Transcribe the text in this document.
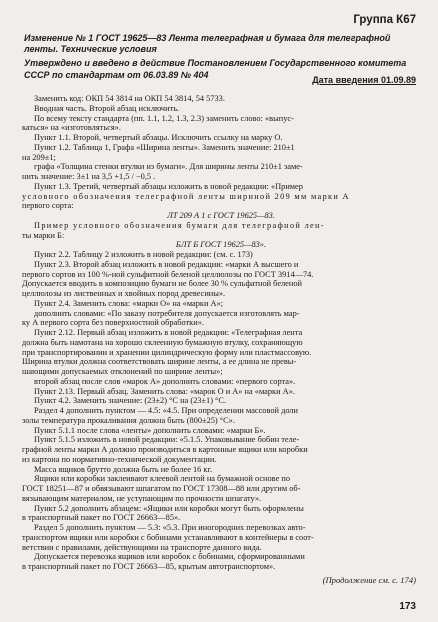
Группа К67
Изменение № 1 ГОСТ 19625—83 Лента телеграфная и бумага для телеграфной
ленты. Технические условия
Утверждено и введено в действие Постановлением Государственного комитета
СССР по стандартам от 06.03.89 № 404
Дата введения 01.09.89
Заменить код: ОКП 54 3814 на ОКП 54 3814, 54 5733.
Вводная часть. Второй абзац исключить.
По всему тексту стандарта (пп. 1.1, 1.2, 1.3, 2.3) заменить слово: «выпус-
каться» на «изготовляться».
Пункт 1.1. Второй, четвертый абзацы. Исключить ссылку на марку О.
Пункт 1.2. Таблица 1, Графа «Ширина ленты». Заменить значение: 210±1
на 209±1;
графа «Толщина стенки втулки из бумаги». Для ширины ленты 210±1 заме-
нить значение: 3±1 на 3,5 +1,5 / −0,5 .
Пункт 1.3. Третий, четвертый абзацы изложить в новой редакции: «Пример
условного обозначения телеграфной ленты шириной 209 мм марки А
первого сорта:
ЛТ 209 А 1 с ГОСТ 19625—83.
Пример условного обозначения бумаги для телеграфной лен-
ты марки Б:
БЛТ Б ГОСТ 19625—83».
Пункт 2.2. Таблицу 2 изложить в новой редакции: (см. с. 173)
Пункт 2.3. Второй абзац изложить в новой редакции: «марки А высшего и
первого сортов из 100 %-ной сульфитной беленой целлюлозы по ГОСТ 3914—74.
Допускается вводить в композицию бумаги не более 30 % сульфатной беленой
целлюлозы из лиственных и хвойных пород древесины».
Пункт 2.4. Заменить слова: «марки О» на «марки А»;
дополнить словами: «По заказу потребителя допускается изготовлять мар-
ку А первого сорта без поверхностной обработки».
Пункт 2.12. Первый абзац изложить в новой редакции: «Телеграфная лента
должна быть намотана на хорошо склеенную бумажную втулку, сохраняющую
при транспортировании и хранении цилиндрическую форму или пластмассовую.
Ширина втулки должна соответствовать ширине ленты, а ее длина не превы-
шающими допускаемых отклонений по ширине ленты»;
второй абзац после слов «марок А» дополнить словами: «первого сорта».
Пункт 2.13. Первый абзац. Заменить слова: «марок О и А» на «марки А».
Пункт 4.2. Заменить значение: (23±2) °С на (23±1) °С.
Раздел 4 дополнить пунктом — 4.5: «4.5. При определении массовой доли
золы температура прокаливания должна быть (800±25) °С».
Пункт 5.1.1 после слова «ленты» дополнить словами: «марки Б».
Пункт 5.1.5 изложить в новой редакции: «5.1.5. Упаковывание бобин теле-
графной ленты марки А должно производиться в картонные ящики или коробки
из картона по нормативно-технической документации.
Масса ящиков брутто должна быть не более 16 кг.
Ящики или коробки заклеивают клеевой лентой на бумажной основе по
ГОСТ 18251—87 и обвязывают шпагатом по ГОСТ 17308—88 или другим об-
вязывающим материалом, не уступающим по прочности шпагату».
Пункт 5.2 дополнить абзацем: «Ящики или коробки могут быть оформлены
в транспортный пакет по ГОСТ 26663—85».
Раздел 5 дополнить пунктом — 5.3: «5.3. При иногородних перевозках авто-
транспортом ящики или коробки с бобинами устанавливают в контейнеры в соот-
ветствии с правилами, действующими на транспорте данного вида.
Допускается перевозка ящиков или коробок с бобинами, сформированными
в транспортный пакет по ГОСТ 26663—85, крытым автотранспортом».
(Продолжение см. с. 174)
173
